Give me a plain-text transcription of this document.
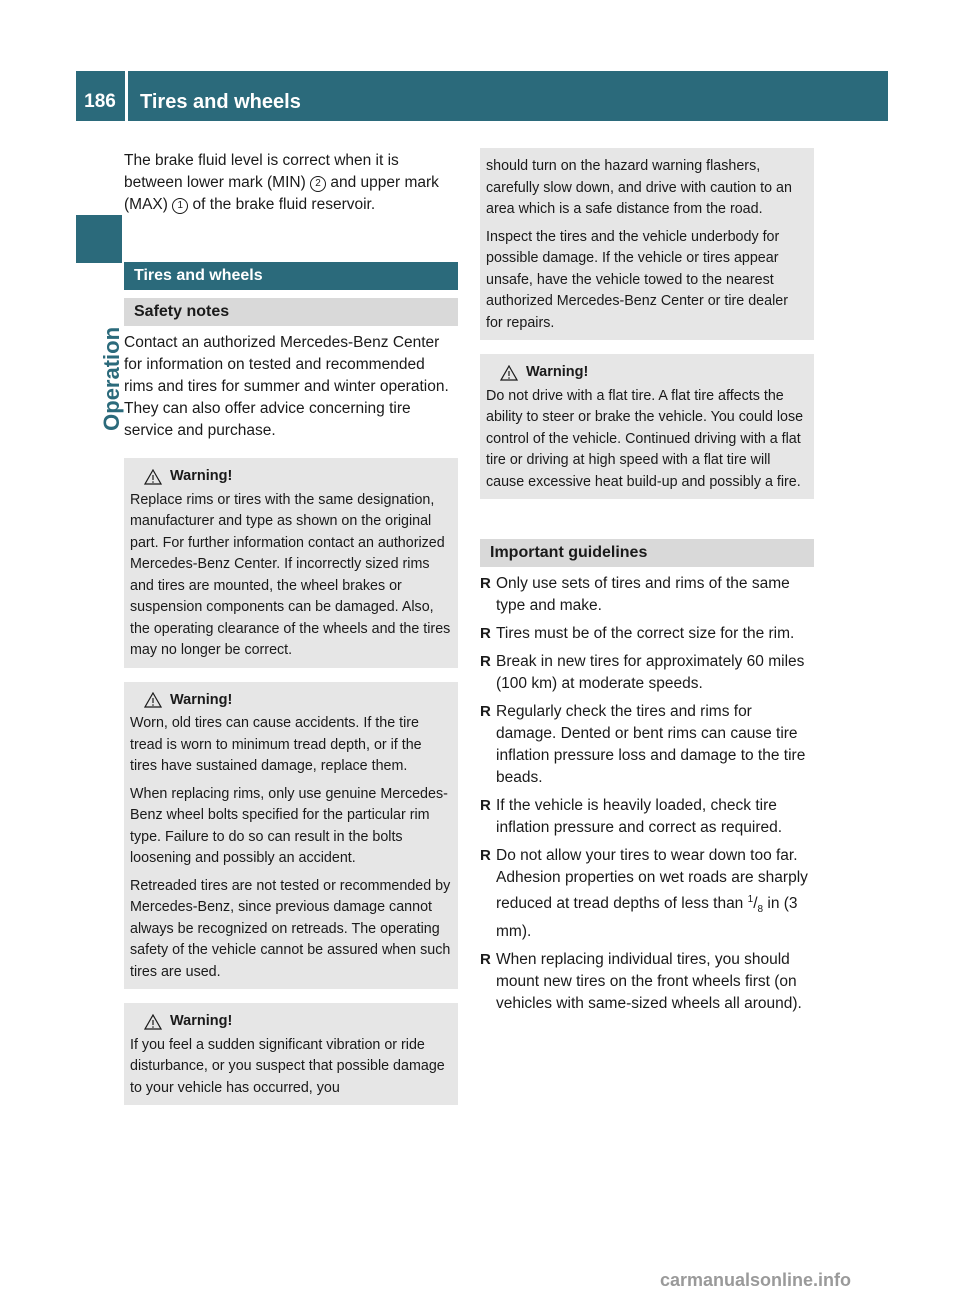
186	Tires and wheels
Operation

The brake fluid level is correct when it is between lower mark (MIN) 2 and upper mark (MAX) 1 of the brake fluid reservoir.

Tires and wheels
Safety notes

Contact an authorized Mercedes-Benz Center for information on tested and recommended rims and tires for summer and winter operation. They can also offer advice concerning tire service and purchase.

Warning!

Replace rims or tires with the same designation, manufacturer and type as shown on the original part. For further information contact an authorized Mercedes-Benz Center. If incorrectly sized rims and tires are mounted, the wheel brakes or suspension components can be damaged. Also, the operating clearance of the wheels and the tires may no longer be correct.

Warning!

Worn, old tires can cause accidents. If the tire tread is worn to minimum tread depth, or if the tires have sustained damage, replace them.

When replacing rims, only use genuine Mercedes-Benz wheel bolts specified for the particular rim type. Failure to do so can result in the bolts loosening and possibly an accident.

Retreaded tires are not tested or recommended by Mercedes-Benz, since previous damage cannot always be recognized on retreads. The operating safety of the vehicle cannot be assured when such tires are used.

Warning!

If you feel a sudden significant vibration or ride disturbance, or you suspect that possible damage to your vehicle has occurred, you

should turn on the hazard warning flashers, carefully slow down, and drive with caution to an area which is a safe distance from the road.

Inspect the tires and the vehicle underbody for possible damage. If the vehicle or tires appear unsafe, have the vehicle towed to the nearest authorized Mercedes-Benz Center or tire dealer for repairs.

Warning!

Do not drive with a flat tire. A flat tire affects the ability to steer or brake the vehicle. You could lose control of the vehicle. Continued driving with a flat tire or driving at high speed with a flat tire will cause excessive heat build-up and possibly a fire.

Important guidelines
R Only use sets of tires and rims of the same type and make.
R Tires must be of the correct size for the rim.
R Break in new tires for approximately 60 miles (100 km) at moderate speeds.
R Regularly check the tires and rims for damage. Dented or bent rims can cause tire inflation pressure loss and damage to the tire beads.
R If the vehicle is heavily loaded, check tire inflation pressure and correct as required.
R Do not allow your tires to wear down too far. Adhesion properties on wet roads are sharply reduced at tread depths of less than $^1/_8$ in (3 mm).
R When replacing individual tires, you should mount new tires on the front wheels first (on vehicles with same-sized wheels all around).
carmanualsonline.info
